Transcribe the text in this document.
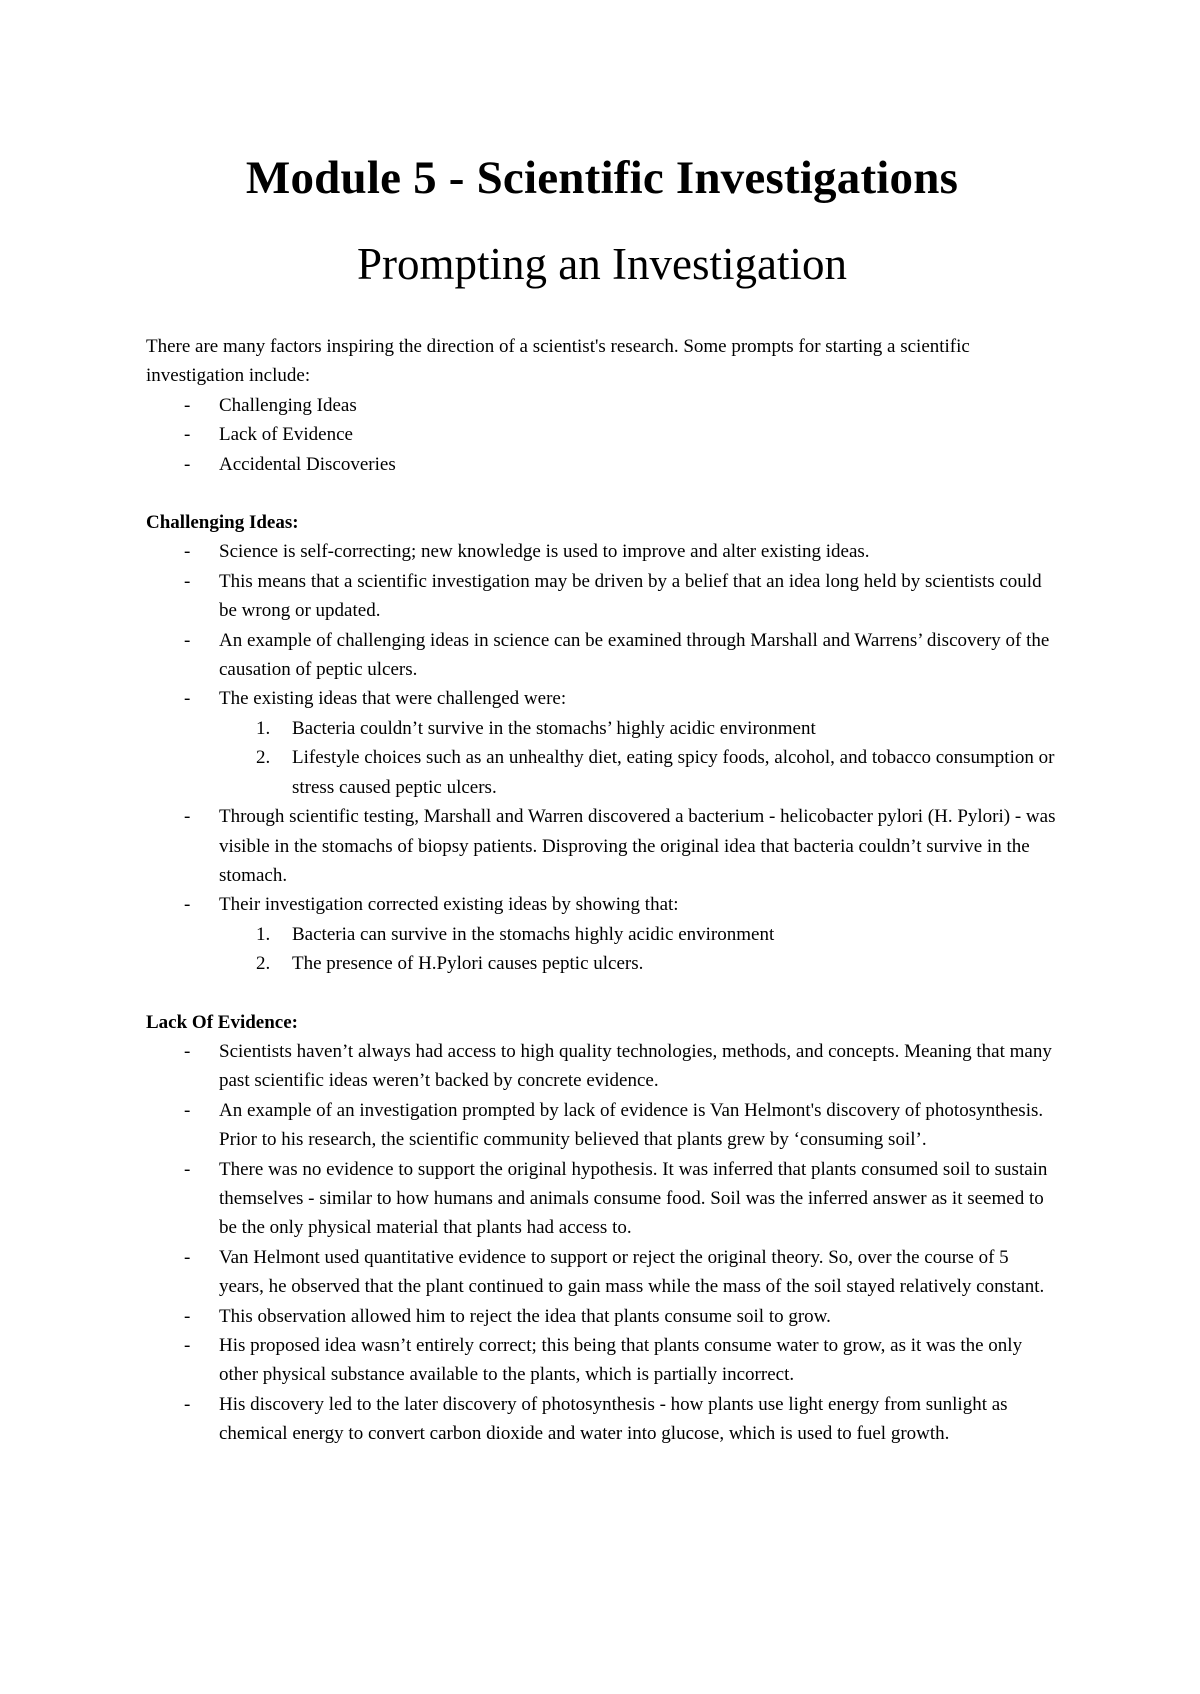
Module 5 - Scientific Investigations
Prompting an Investigation

There are many factors inspiring the direction of a scientist's research. Some prompts for starting a scientific investigation include:

- Challenging Ideas
- Lack of Evidence
- Accidental Discoveries
Challenging Ideas:
- Science is self-correcting; new knowledge is used to improve and alter existing ideas.
- This means that a scientific investigation may be driven by a belief that an idea long held by scientists could be wrong or updated.
- An example of challenging ideas in science can be examined through Marshall and Warrens’ discovery of the causation of peptic ulcers.
- The existing ideas that were challenged were:
1. Bacteria couldn’t survive in the stomachs’ highly acidic environment
2. Lifestyle choices such as an unhealthy diet, eating spicy foods, alcohol, and tobacco consumption or stress caused peptic ulcers.
- Through scientific testing, Marshall and Warren discovered a bacterium - helicobacter pylori (H. Pylori) - was visible in the stomachs of biopsy patients. Disproving the original idea that bacteria couldn’t survive in the stomach.
- Their investigation corrected existing ideas by showing that:
1. Bacteria can survive in the stomachs highly acidic environment
2. The presence of H.Pylori causes peptic ulcers.
Lack Of Evidence:
- Scientists haven’t always had access to high quality technologies, methods, and concepts. Meaning that many past scientific ideas weren’t backed by concrete evidence.
- An example of an investigation prompted by lack of evidence is Van Helmont's discovery of photosynthesis. Prior to his research, the scientific community believed that plants grew by ‘consuming soil’.
- There was no evidence to support the original hypothesis. It was inferred that plants consumed soil to sustain themselves - similar to how humans and animals consume food. Soil was the inferred answer as it seemed to be the only physical material that plants had access to.
- Van Helmont used quantitative evidence to support or reject the original theory. So, over the course of 5 years, he observed that the plant continued to gain mass while the mass of the soil stayed relatively constant.
- This observation allowed him to reject the idea that plants consume soil to grow.
- His proposed idea wasn’t entirely correct; this being that plants consume water to grow, as it was the only other physical substance available to the plants, which is partially incorrect.
- His discovery led to the later discovery of photosynthesis - how plants use light energy from sunlight as chemical energy to convert carbon dioxide and water into glucose, which is used to fuel growth.
